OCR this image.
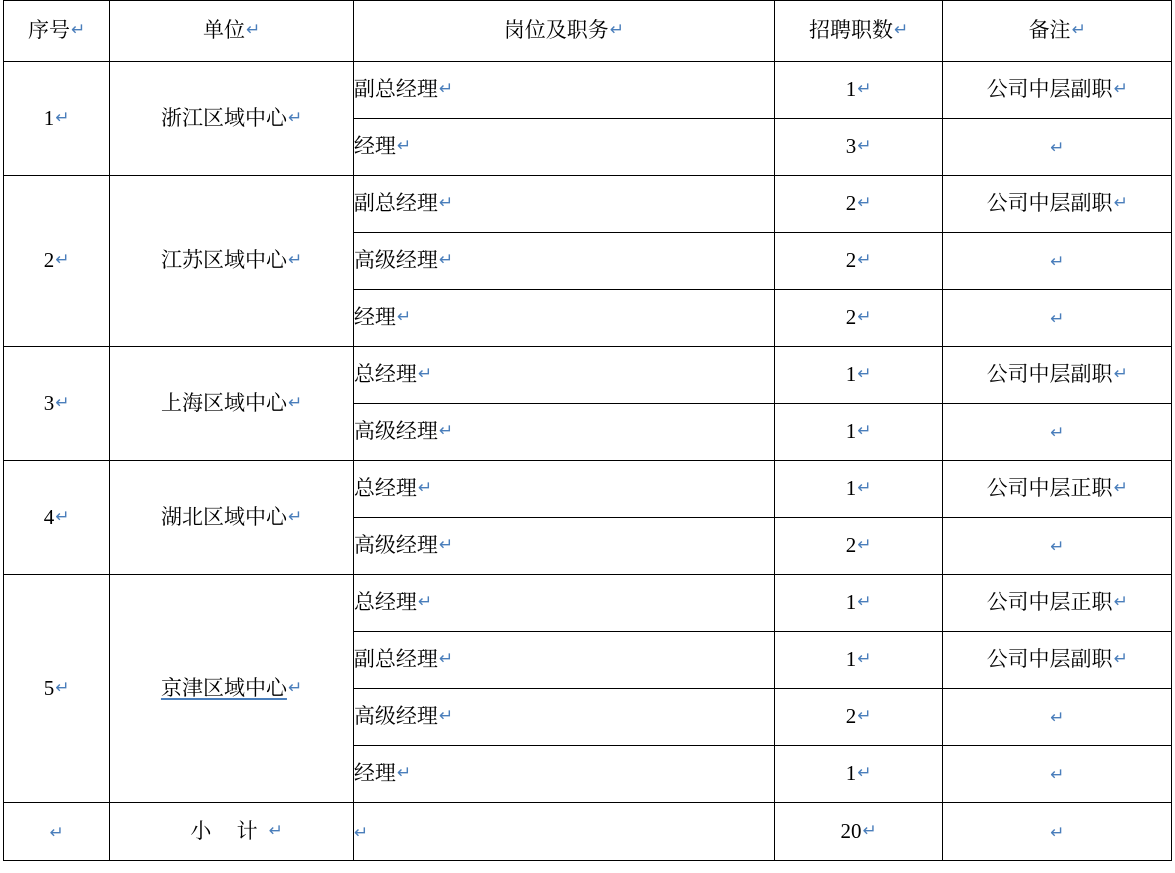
序号↵	单位↵	岗位及职务↵	招聘职数↵	备注↵
1↵	浙江区域中心↵	副总经理↵	1↵	公司中层副职↵
		经理↵	3↵	↵
2↵	江苏区域中心↵	副总经理↵	2↵	公司中层副职↵
		高级经理↵	2↵	↵
		经理↵	2↵	↵
3↵	上海区域中心↵	总经理↵	1↵	公司中层副职↵
		高级经理↵	1↵	↵
4↵	湖北区域中心↵	总经理↵	1↵	公司中层正职↵
		高级经理↵	2↵	↵
5↵	京津区域中心↵	总经理↵	1↵	公司中层正职↵
		副总经理↵	1↵	公司中层副职↵
		高级经理↵	2↵	↵
		经理↵	1↵	↵
↵	小 计↵	↵	20↵	↵
